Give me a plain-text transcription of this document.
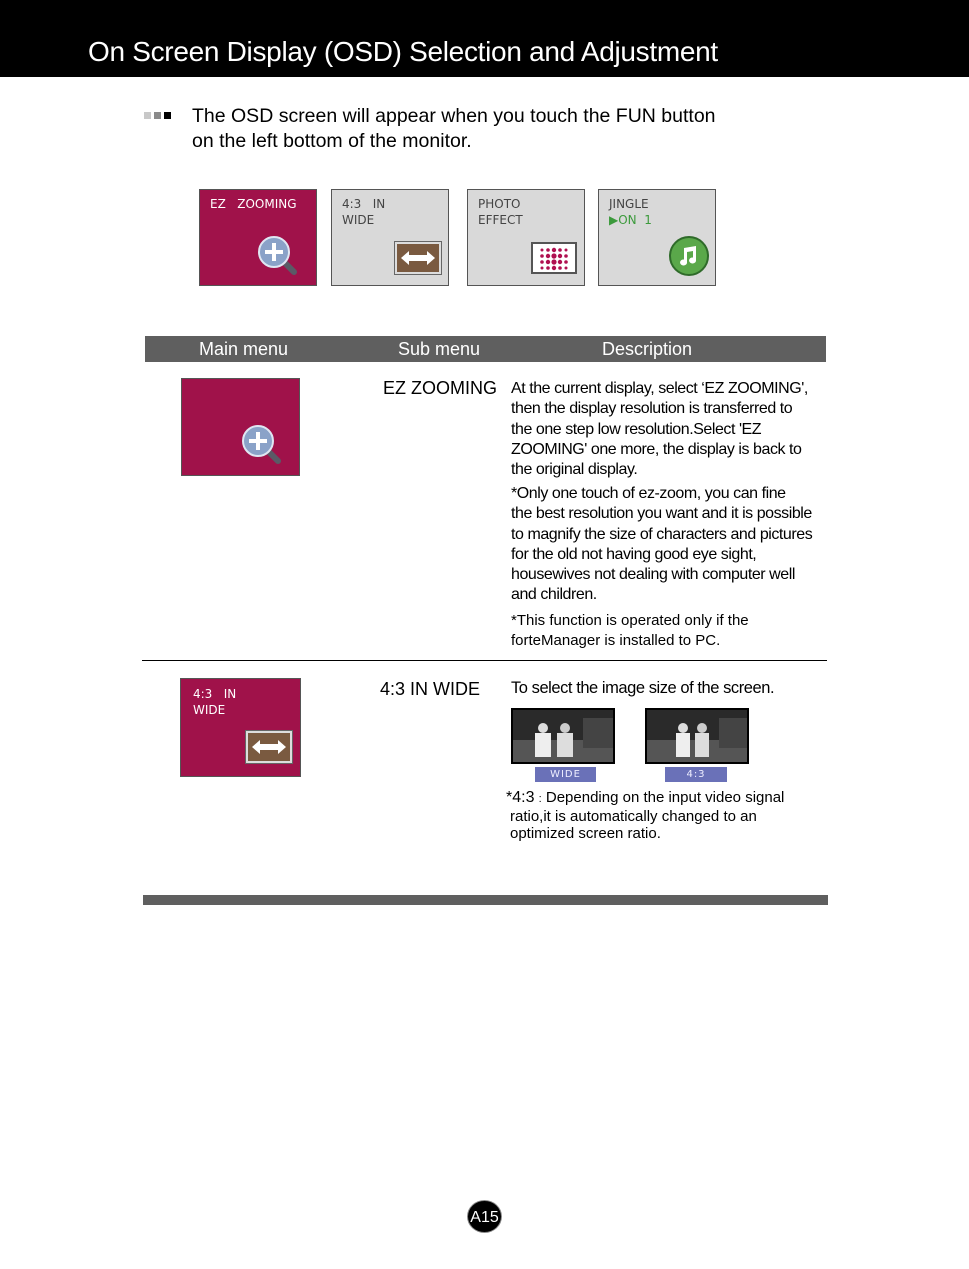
On Screen Display (OSD) Selection and Adjustment
The OSD screen will appear when you touch the FUN button
on the left bottom of the monitor.
EZ   ZOOMING	4:3   IN
WIDE
PHOTO
EFFECT
JINGLE
▶ON  1
Main menu	Sub menu	Description
EZ ZOOMING At the current display, select ‘EZ ZOOMING',
then the display resolution is transferred to
the one step low resolution.Select 'EZ
ZOOMING' one more, the display is back to
the original display.
*Only one touch of ez-zoom, you can fine
the best resolution you want and it is possible
to magnify the size of characters and pictures
for the old not having good eye sight,
housewives not dealing with computer well
and children.
*This function is operated only if the
forteManager is installed to PC.
4:3   IN
WIDE
4:3 IN WIDE To select the image size of the screen.
WIDE	4:3
*4:3 : Depending on the input video signal
ratio,it is automatically changed to an
optimized screen ratio.
A15
